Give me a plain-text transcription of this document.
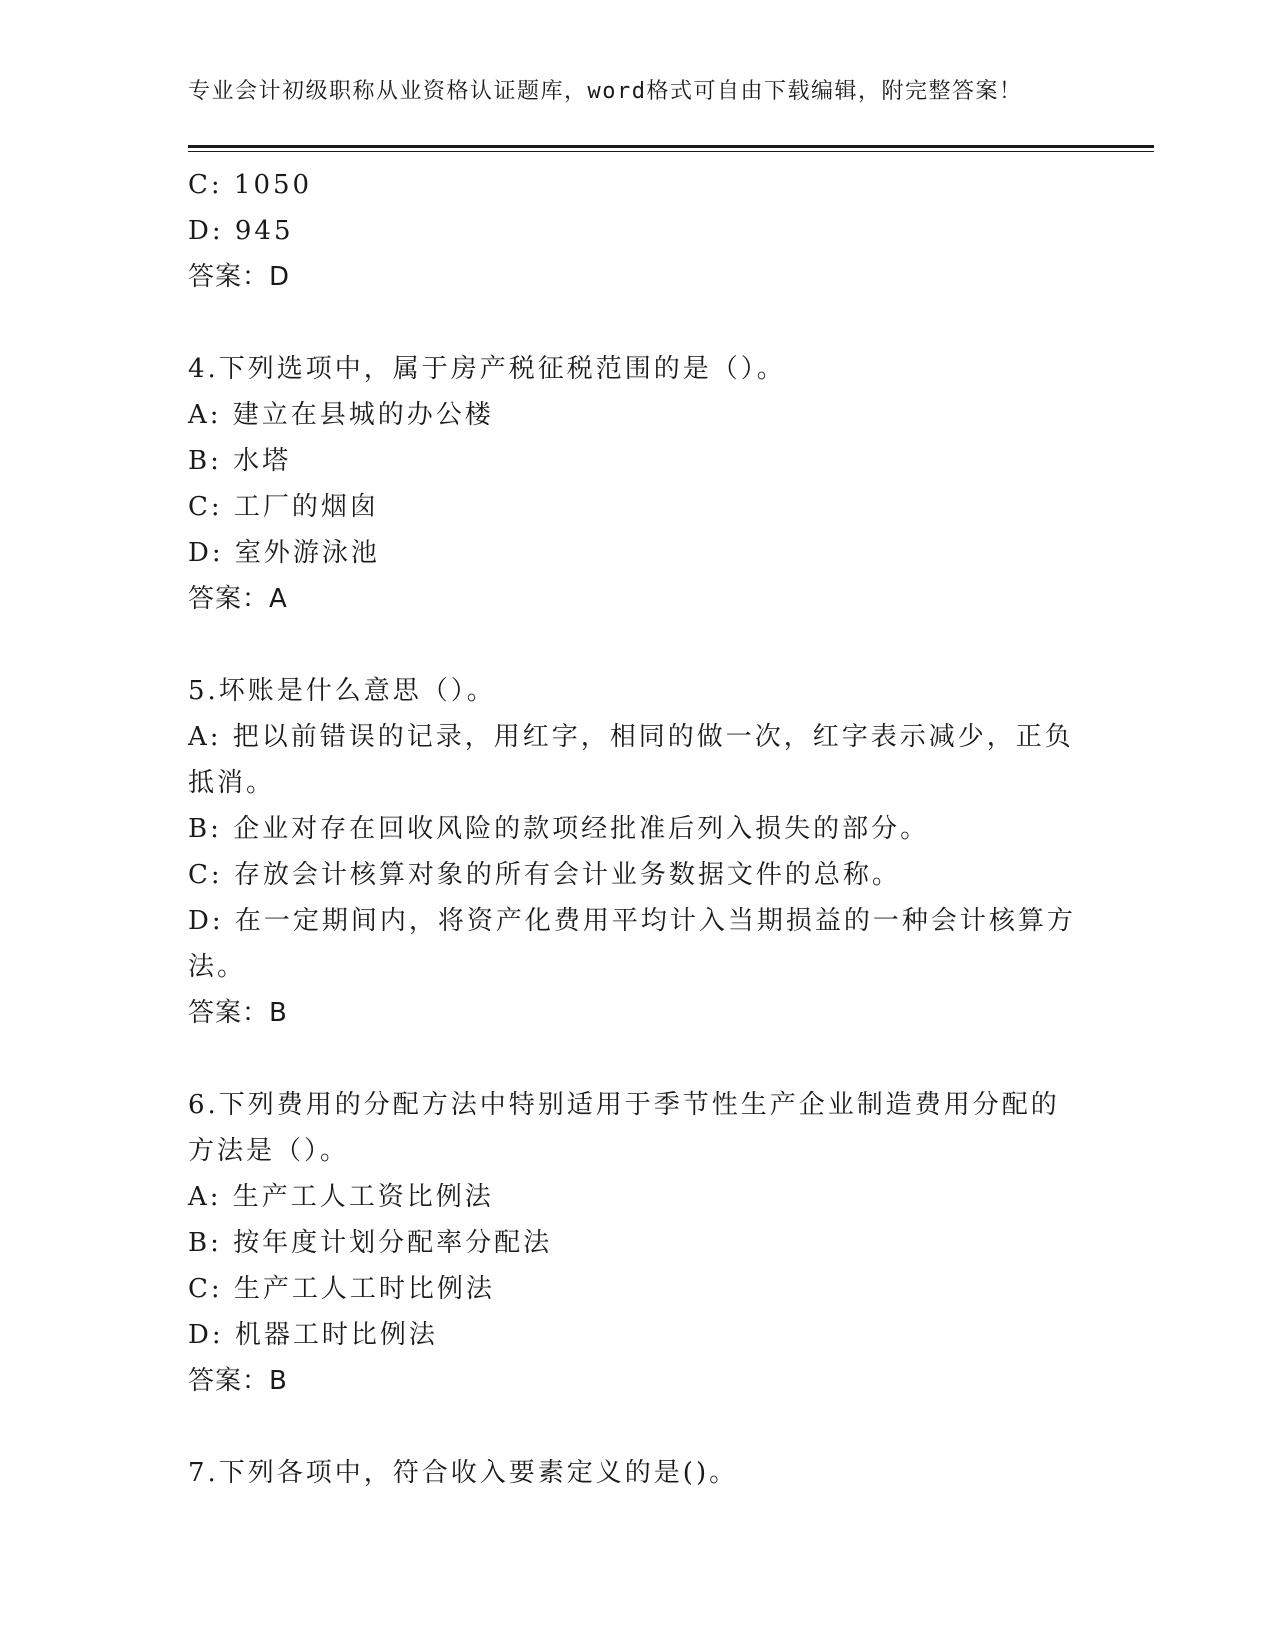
专业会计初级职称从业资格认证题库，word格式可自由下载编辑，附完整答案！
C: 1050
D: 945
答案：D
4.下列选项中，属于房产税征税范围的是（）。
A: 建立在县城的办公楼
B: 水塔
C: 工厂的烟囱
D: 室外游泳池
答案：A
5.坏账是什么意思（）。
A: 把以前错误的记录，用红字，相同的做一次，红字表示减少，正负抵消。
B: 企业对存在回收风险的款项经批准后列入损失的部分。
C: 存放会计核算对象的所有会计业务数据文件的总称。
D: 在一定期间内，将资产化费用平均计入当期损益的一种会计核算方法。
答案：B
6.下列费用的分配方法中特别适用于季节性生产企业制造费用分配的方法是（）。
A: 生产工人工资比例法
B: 按年度计划分配率分配法
C: 生产工人工时比例法
D: 机器工时比例法
答案：B
7.下列各项中，符合收入要素定义的是()。
